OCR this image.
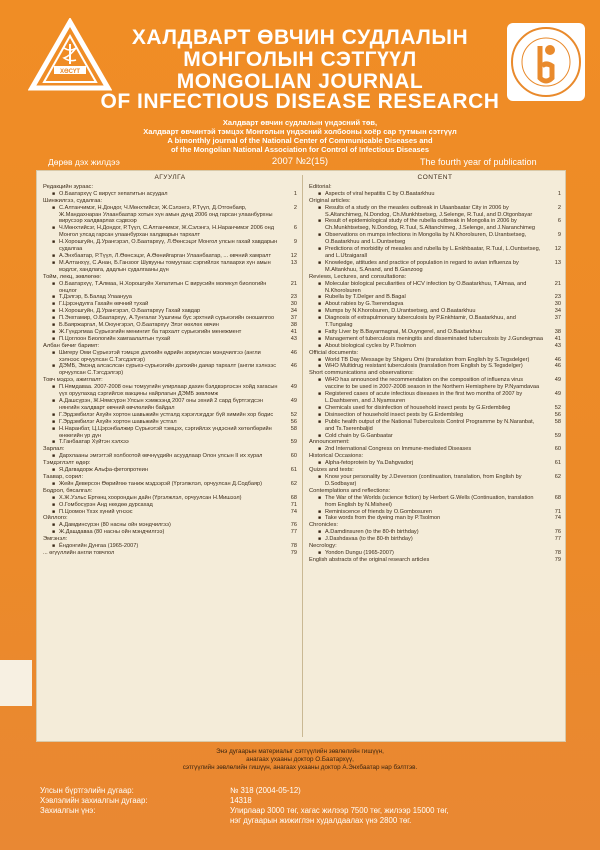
ХӨСҮТ
ХАЛДВАРТ ӨВЧИН СУДЛАЛЫН
МОНГОЛЫН СЭТГҮҮЛ
MONGOLIAN JOURNAL
OF INFECTIOUS DISEASE RESEARCH
Халдварт өвчин судлалын үндэсний төв,
Халдварт өвчинтэй тэмцэх Монголын үндэсний холбооны хоёр сар тутмын сэтгүүл
A bimonthly journal of the National Center of Communicable Diseases and
of the Mongolian National Association for Control of Infectious Diseases
Дөрөв дэх жилдээ	2007 №2(15)	The fourth year of publication
АГУУЛГА
Редакцийн зураас:
■ О.Баатархүү C вирүст хепатитын асуудал	1
Шинжилгээ, судалгаа:
■ С.Алтанчимэг, Н.Дондог, Ч.Мөнхтийсэг, Ж.Сэлэнгэ, Р.Түүл, Д.Отгонбаяр, Ж.Мандахнаран Улаанбаатар хотын хүн амын дунд 2006 онд гарсан улаанбурхны вирусээр халдварлах сэдвээр
2
■ Ч.Мөнхтийсэг, Н.Дондог, Р.Түүл, С.Алтанчимэг, Ж.Сэлэнгэ, Н.Наранчимэг 2006 онд Монгол улсад гарсан улаанбурхан халдварын тархалт
6
■ Н.Хорошгуйн, Д.Урангэрэл, О.Баатархүү, Л.Өөнсэцэг Монгол улсын гахай хавдарын судалгаа
9
■ А.Энхбаатар, Р.Түүл, Л.Өөнсэцэг, А.Өөнийгарган Улаанбаатар, ... өвчний хамралт	12
■ М.Алтанхүү, С.Анан, Б.Ганзоог Шувууны томуугаас сэргийлэх талаархи хүн амын мэдлэг, хандлага, дадлын судалгааны дүн
13
Тойм, лекц, зөвлөгөө:
■ О.Баатархүү, Т.Алмаа, Н.Хорошгуйн Хепатитын C вирусийн молекул биологийн онцлог
21
■ Т.Дэлгэр, Б.Балад Улаанууа	23
■ Г.Цэрэндулга Гахайн өвчний тухай	30
■ Н.Хорошгуйн, Д.Урангэрэл, О.Баатархүү Гахай хавдар	34
■ П.Энхтамир, О.Баатархүү, А.Тунгалаг Уушгины бус эрхтний сүрьеэгийн оношилгоо	37
■ Б.Баяржаргал, М.Оюунгэрэл, О.Баатархүү Элэг өөхлөх өвчин	38
■ Ж.Гүндэгмаа Сүрьеэгийн менингит ба тархалт сүрьеэгийн менежмент	41
■ П.Цоглоон Биологийн хамгаалалтын тухай	43
Албан бичиг баримт:
■ Шигеру Оми Сүрьеэтэй тэмцэх дэлхийн өдрийн зориулсан мэндчилгээ (англи хэлнээс орчуулсан С.Тэгсдэлгэр)
46
■ ДЭМБ, Эмэнд алсаслсан сүрьеэ-сүрьеэгийн дэлхийн даяар тархалт (англи хэлнээс орчуулсан С.Тэгсдэлгэр)
46
Товч мэдээ, ажиглалт:
■ П.Нямдаваа. 2007-2008 оны томуугийн улирлаар дахин бэлдвэрлэсэн хойд хагасын үүх оруулахад сэргийлэх вакцины найрлагын ДЭМБ зөвлөмж
49
■ А.Дашсүрэн, Ж.Нямсүрэн Улсын хэмжээнд 2007 оны эхний 2 сард бүртгэгдсэн нянгийн халдварт өвчний өвчлөлийн байдал
49
■ Г.Эрдэмбилэг Ахуйн хортон шавьжийн устгалд хэрэглэгддэг бүй химийн хор бодис	52
■ Г.Эрдэмбилэг Ахуйн хортон шавьжийн устгал	56
■ Н.Наранбат, Ц.Цэрэнбалжир Сүрьеэтэй тэмцэх, сэргийлэх үндэсний хөтөлбөрийн өнөөгийн үр дүн
58
■ Т.Ганбаатар Хүйтэн хэлхээ	59
Зарлал:
■ Дархлааны эмгэгтэй холбоотой өвчнүүдийн асуудлаар Олон улсын II их хурал	60
Тэмдэглэлт өдөр:
■ Я.Дагвадорж Альфа-фетопротеин	61
Таавар, сорил:
■ Жейн Деверсон Өөрийгөө таниж мэдээрэй (Үргэлжлэл, орчуулсан Д.Содбаяр)	62
Бодрол, бясалгал:
■ Х.Ж.Уэльс Ертөнц хоорондын дайн (Үргэлжлэл, орчуулсан Н.Мишээл)	68
■ О.Гомбосүрэн Анд нөхдөө дурсахад	71
■ П.Цоомон Үхэх хүний үгнээс	74
Ойллого:
■ А.Дамдинсүрэн (80 насны ойн мэндчилгээ)	76
■ Ж.Дашдаваа (80 насны ойн мэндчилгээ)	77
Эмгэнэл:
■ Ёндонгийн Дунгаа (1965-2007)	78
... өгүүллийн англи товчлол	79
CONTENT
Editorial:
■ Aspects of viral hepatitis C by O.Baatarkhuu	1
Original articles:
■ Results of a study on the measles outbreak in Ulaanbaatar City in 2006 by S.Altanchimeg, N.Dondog, Ch.Munkhtsetseg, J.Selenge, R.Tuul, and D.Otgonbayar
2
■ Result of epidemiological study of the rubella outbreak in Mongolia in 2006 by Ch.Munkhtsetseg, N.Dondog, R.Tuul, S.Altanchimeg, J.Selenge, and J.Naranchimeg
6
■ Observations on mumps infections in Mongolia by N.Khorolsuren, D.Urantsetseg, O.Baatarkhuu and L.Ountsetseg
9
■ Predictions of morbidity of measles and rubella by L.Enkhbaatar, R.Tuul, L.Ountsetseg, and L.Ufzaigarall
12
■ Knowledge, attitudes and practice of population in regard to avian influenza by M.Altankhuu, S.Anand, and B.Ganzoog
13
Reviews, Lectures, and consultations:
■ Molecular biological peculiarities of HCV infection by O.Baatarkhuu, T.Almaa, and N.Khorolsuren
21
■ Rubella by T.Delger and B.Bagal	23
■ About rabies by G.Tserendagva	30
■ Mumps by N.Khorolsuren, D.Urantsetseg, and O.Baatarkhuu	34
■ Diagnosis of extrapulmonary tuberculosis by P.Enkhtamir, O.Baatarkhuu, and T.Tungalag
37
■ Fatty Liver by B.Bayarmagnai, M.Ouyngerel, and O.Baatarkhuu	38
■ Management of tuberculosis meningitis and disseminated tuberculosis by J.Gundegmaa 41
■ About biological cycles by P.Tsolmon	43
Official documents:
■ World TB Day Message by Shigeru Omi (translation from English by S.Tegsdelger)	46
■ WHO Multidrug resistant tuberculosis (translation from English by S.Tegsdelger)	46
Short communications and observations:
■ WHO has announced the recommendation on the composition of influenza virus vaccine to be used in 2007-2008 season in the Northern Hemisphere by P.Nyamdavaa
49
■ Registered cases of acute infectious diseases in the first two months of 2007 by L.Dashtseren, and J.Nyamsuren
49
■ Chemicals used for disinfection of household insect pests by G.Erdembileg	52
■ Disinsection of household insect pests by G.Erdembileg	56
■ Public health output of the National Tuberculosis Control Programme by N.Naranbat, and Ts.Tserenbaljid
58
■ Cold chain by G.Ganbaatar	59
Announcement:
■ 2nd International Congress on Immune-mediated Diseases	60
Historical Occasions:
■ Alpha-fetoprotein by Ya.Dahgvadorj	61
Quizes and tests:
■ Know your personality by J.Deverson (continuation, translation, from English by D.Sodbayar)
62
Contemplations and reflections:
■ The War of the Worlds (science fiction) by Herbert G.Wells (Continuation, translation from English by N.Misheel)
68
■ Reminiscence of friends by O.Gombosuren	71
■ Take words from the dyeing man by P.Tsolmon	74
Chronicles:
■ A.Damdinsuren (to the 80-th birthday)	76
■ J.Dashdavaa (to the 80-th birthday)	77
Necrology:
■ Yondon Dungu (1965-2007)	78
English abstracts of the original research articles	79
Энэ дугаарын материалыг сэтгүүлийн зөвлөлийн гишүүн,
анагаах ухааны доктор О.Баатархүү,
сэтгүүлийн зөвлөлийн гишүүн, анагаах ухааны доктор А.Энхбаатар нар бэлтгэв.
Улсын бүртгэлийн дугаар:	№ 318 (2004-05-12)
Хэвлэлийн захиалгын дугаар:	14318
Захиалгын үнэ:	Улирлаар 3000 төг, хагас жилээр 7500 төг, жилээр 15000 төг,
нэг дугаарын жижиглэн худалдаалах үнэ 2800 төг.
